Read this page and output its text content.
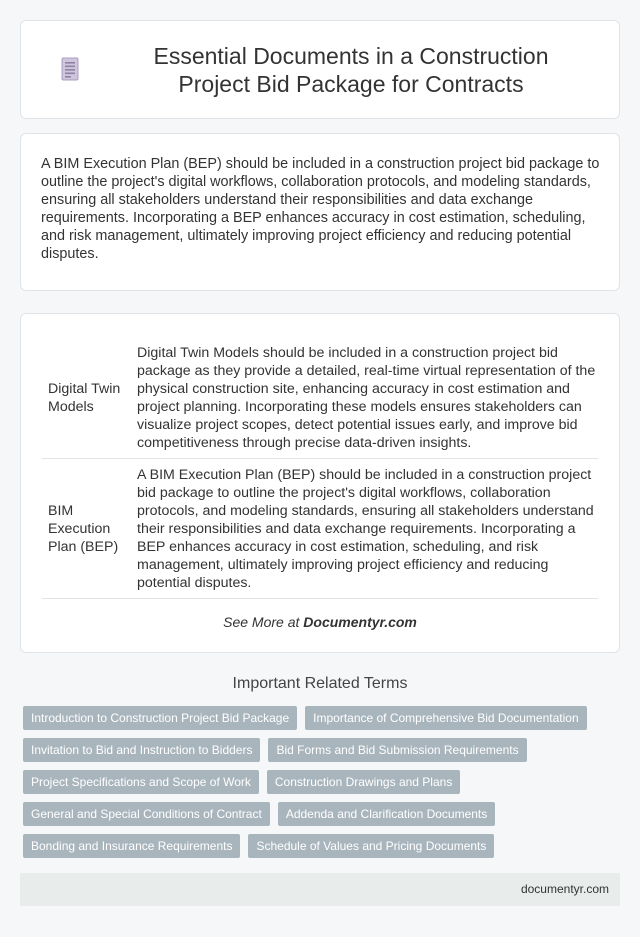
Essential Documents in a Construction Project Bid Package for Contracts

A BIM Execution Plan (BEP) should be included in a construction project bid package to outline the project's digital workflows, collaboration protocols, and modeling standards, ensuring all stakeholders understand their responsibilities and data exchange requirements. Incorporating a BEP enhances accuracy in cost estimation, scheduling, and risk management, ultimately improving project efficiency and reducing potential disputes.

Digital Twin Models	Digital Twin Models should be included in a construction project bid package as they provide a detailed, real-time virtual representation of the physical construction site, enhancing accuracy in cost estimation and project planning. Incorporating these models ensures stakeholders can visualize project scopes, detect potential issues early, and improve bid competitiveness through precise data-driven insights.
BIM Execution Plan (BEP)	A BIM Execution Plan (BEP) should be included in a construction project bid package to outline the project's digital workflows, collaboration protocols, and modeling standards, ensuring all stakeholders understand their responsibilities and data exchange requirements. Incorporating a BEP enhances accuracy in cost estimation, scheduling, and risk management, ultimately improving project efficiency and reducing potential disputes.
See More at Documentyr.com
Important Related Terms
Introduction to Construction Project Bid Package	Importance of Comprehensive Bid Documentation
Invitation to Bid and Instruction to Bidders	Bid Forms and Bid Submission Requirements
Project Specifications and Scope of Work	Construction Drawings and Plans
General and Special Conditions of Contract	Addenda and Clarification Documents
Bonding and Insurance Requirements	Schedule of Values and Pricing Documents
documentyr.com
